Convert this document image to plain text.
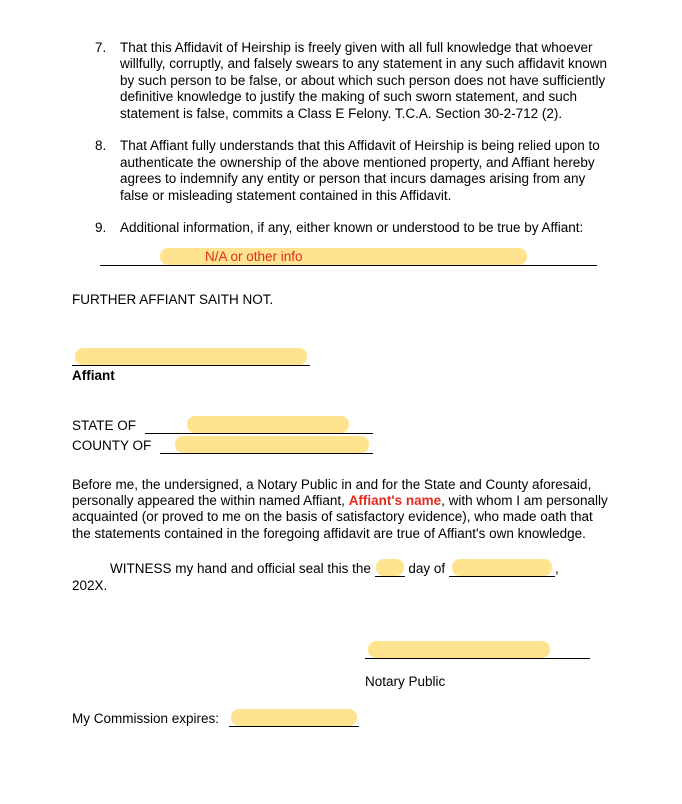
7.	That this Affidavit of Heirship is freely given with all full knowledge that whoever willfully, corruptly, and falsely swears to any statement in any such affidavit known by such person to be false, or about which such person does not have sufficiently definitive knowledge to justify the making of such sworn statement, and such statement is false, commits a Class E Felony. T.C.A. Section 30-2-712 (2).
8.	That Affiant fully understands that this Affidavit of Heirship is being relied upon to authenticate the ownership of the above mentioned property, and Affiant hereby agrees to indemnify any entity or person that incurs damages arising from any false or misleading statement contained in this Affidavit.
9.	Additional information, if any, either known or understood to be true by Affiant:
N/A or other info

FURTHER AFFIANT SAITH NOT.

Affiant
STATE OF
COUNTY OF

Before me, the undersigned, a Notary Public in and for the State and County aforesaid, personally appeared the within named Affiant, Affiant's name, with whom I am personally acquainted (or proved to me on the basis of satisfactory evidence), who made oath that the statements contained in the foregoing affidavit are true of Affiant's own knowledge.

WITNESS my hand and official seal this the	day of	,
202X.

Notary Public
My Commission expires:
